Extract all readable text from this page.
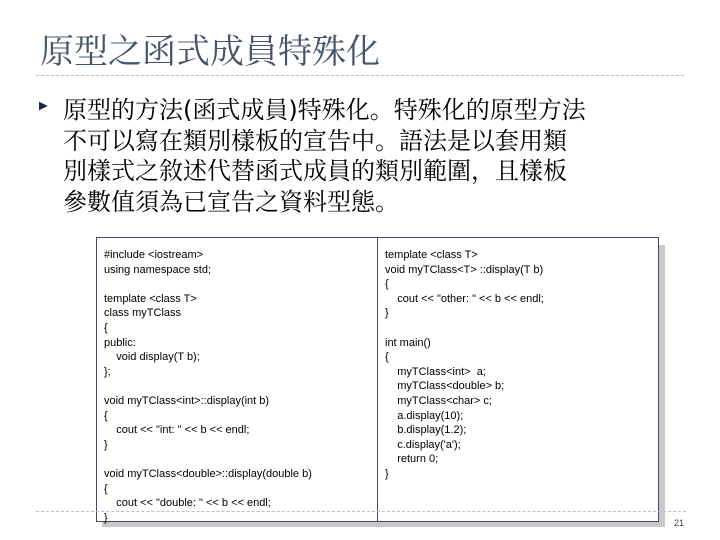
原型之函式成員特殊化
原型的方法(函式成員)特殊化。特殊化的原型方法
不可以寫在類別樣板的宣告中。語法是以套用類
別樣式之敘述代替函式成員的類別範圍，且樣板
參數值須為已宣告之資料型態。
#include <iostream>
using namespace std;

template <class T>
class myTClass
{
public:
void display(T b);
};

void myTClass<int>::display(int b)
{
cout << "int: " << b << endl;
}

void myTClass<double>::display(double b)
{
cout << "double: " << b << endl;
}
template <class T>
void myTClass<T> ::display(T b)
{
cout << "other: " << b << endl;
}

int main()
{
myTClass<int>  a;
myTClass<double> b;
myTClass<char> c;
a.display(10);
b.display(1.2);
c.display('a');
return 0;
}
21
